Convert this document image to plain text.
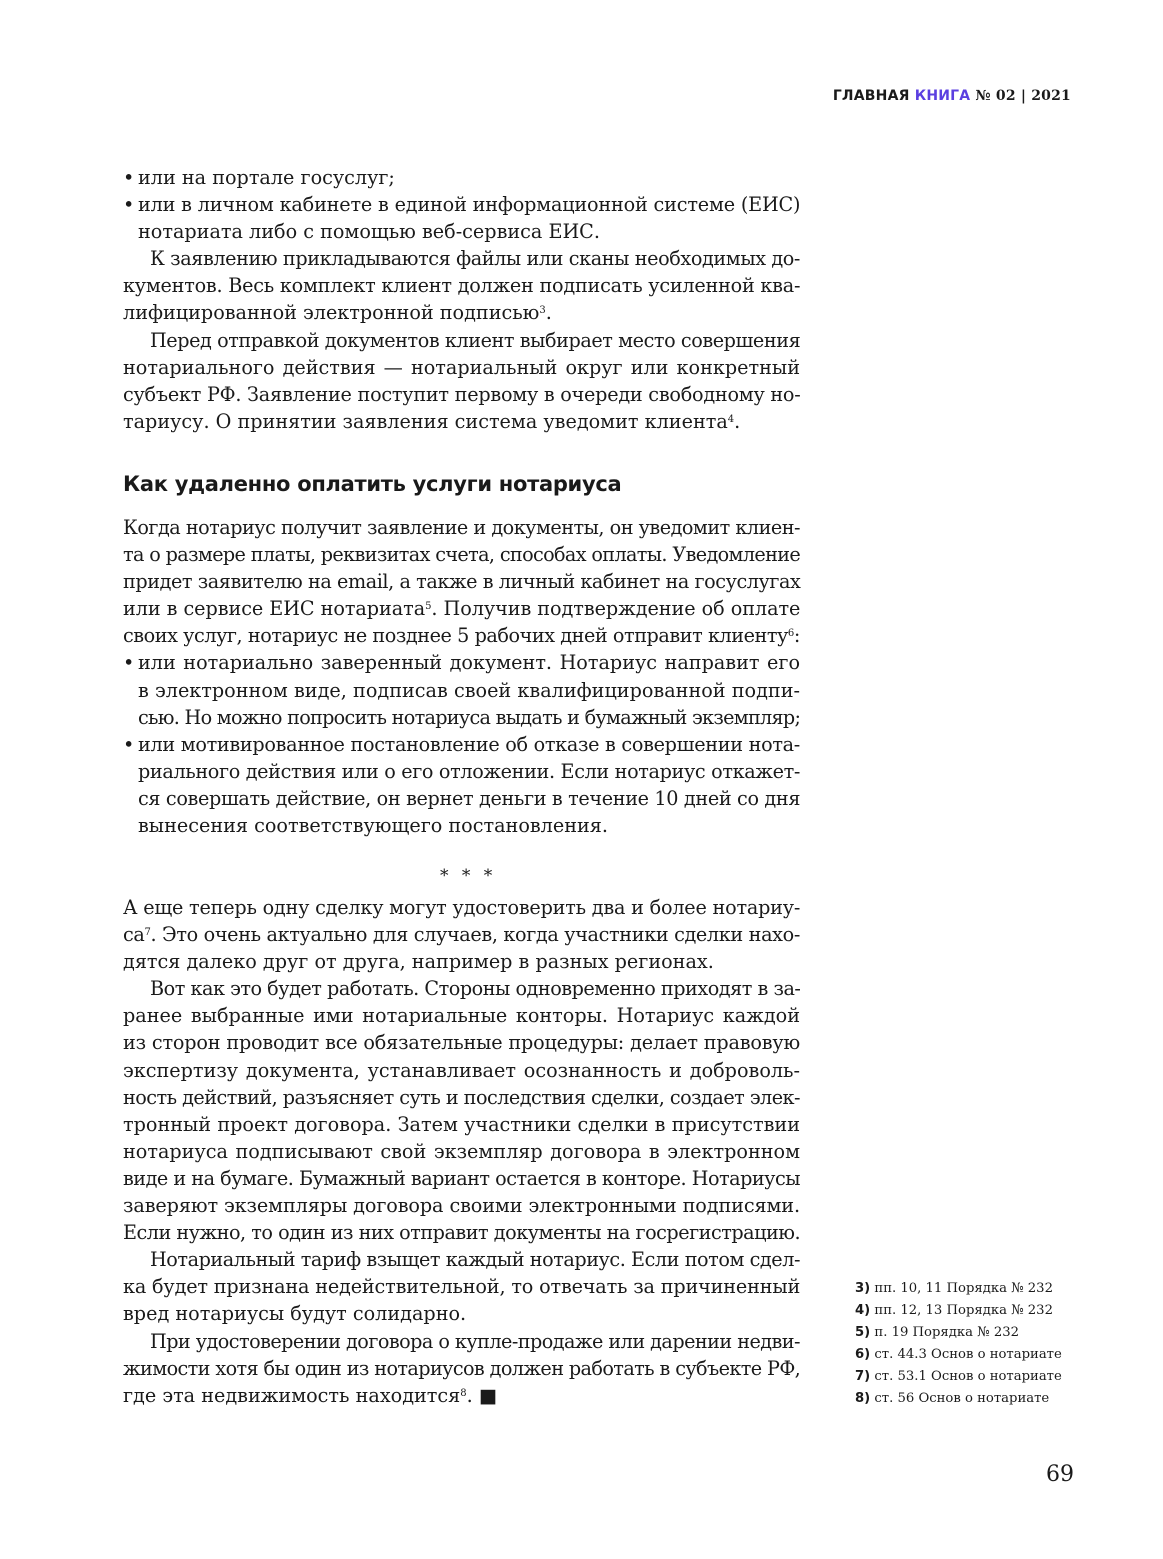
ГЛАВНАЯ КНИГА № 02 | 2021
• или на портале госуслуг;
• или в личном кабинете в единой информационной системе (ЕИС)
нотариата либо с помощью веб-сервиса ЕИС.
К заявлению прикладываются файлы или сканы необходимых до-
кументов. Весь комплект клиент должен подписать усиленной ква-
лифицированной электронной подписью$^3$.
Перед отправкой документов клиент выбирает место совершения
нотариального действия — нотариальный округ или конкретный
субъект РФ. Заявление поступит первому в очереди свободному но-
тариусу. О принятии заявления система уведомит клиента$^4$.
Как удаленно оплатить услуги нотариуса
Когда нотариус получит заявление и документы, он уведомит клиен-
та о размере платы, реквизитах счета, способах оплаты. Уведомление
придет заявителю на email, а также в личный кабинет на госуслугах
или в сервисе ЕИС нотариата$^5$. Получив подтверждение об оплате
своих услуг, нотариус не позднее 5 рабочих дней отправит клиенту$^6$:
• или нотариально заверенный документ. Нотариус направит его
в электронном виде, подписав своей квалифицированной подпи-
сью. Но можно попросить нотариуса выдать и бумажный экземпляр;
• или мотивированное постановление об отказе в совершении нота-
риального действия или о его отложении. Если нотариус откажет-
ся совершать действие, он вернет деньги в течение 10 дней со дня
вынесения соответствующего постановления.
* * *
А еще теперь одну сделку могут удостоверить два и более нотариу-
$са^7$. Это очень актуально для случаев, когда участники сделки нахо-
дятся далеко друг от друга, например в разных регионах.
Вот как это будет работать. Стороны одновременно приходят в за-
ранее выбранные ими нотариальные конторы. Нотариус каждой
из сторон проводит все обязательные процедуры: делает правовую
экспертизу документа, устанавливает осознанность и доброволь-
ность действий, разъясняет суть и последствия сделки, создает элек-
тронный проект договора. Затем участники сделки в присутствии
нотариуса подписывают свой экземпляр договора в электронном
виде и на бумаге. Бумажный вариант остается в конторе. Нотариусы
заверяют экземпляры договора своими электронными подписями.
Если нужно, то один из них отправит документы на госрегистрацию.
Нотариальный тариф взыщет каждый нотариус. Если потом сдел-
ка будет признана недействительной, то отвечать за причиненный
вред нотариусы будут солидарно.
При удостоверении договора о купле-продаже или дарении недви-
жимости хотя бы один из нотариусов должен работать в субъекте РФ,
где эта недвижимость находится$^8$. ■
3) пп. 10, 11 Порядка № 232
4) пп. 12, 13 Порядка № 232
5) п. 19 Порядка № 232
6) ст. 44.3 Основ о нотариате
7) ст. 53.1 Основ о нотариате
8) ст. 56 Основ о нотариате
69
